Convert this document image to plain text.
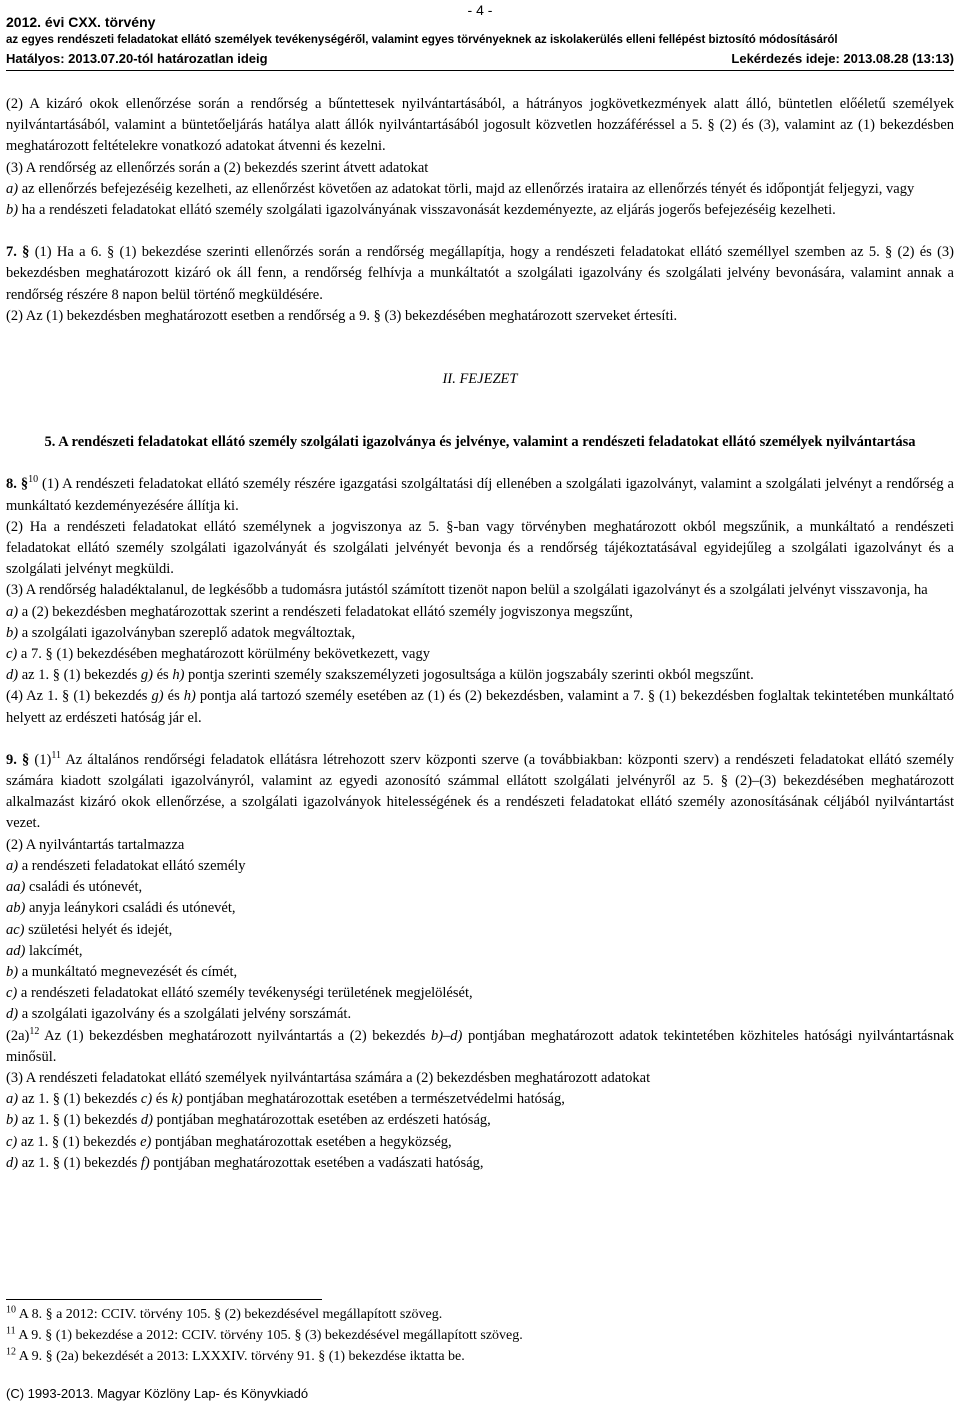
- 4 -
2012. évi CXX. törvény
az egyes rendészeti feladatokat ellátó személyek tevékenységéről, valamint egyes törvényeknek az iskolakerülés elleni fellépést biztosító módosításáról
Hatályos: 2013.07.20-tól határozatlan ideig	Lekérdezés ideje: 2013.08.28 (13:13)

(2) A kizáró okok ellenőrzése során a rendőrség a bűntettesek nyilvántartásából, a hátrányos jogkövetkezmények alatt álló, büntetlen előéletű személyek nyilvántartásából, valamint a büntetőeljárás hatálya alatt állók nyilvántartásából jogosult közvetlen hozzáféréssel a 5. § (2) és (3), valamint az (1) bekezdésben meghatározott feltételekre vonatkozó adatokat átvenni és kezelni.

(3) A rendőrség az ellenőrzés során a (2) bekezdés szerint átvett adatokat

a) az ellenőrzés befejezéséig kezelheti, az ellenőrzést követően az adatokat törli, majd az ellenőrzés irataira az ellenőrzés tényét és időpontját feljegyzi, vagy

b) ha a rendészeti feladatokat ellátó személy szolgálati igazolványának visszavonását kezdeményezte, az eljárás jogerős befejezéséig kezelheti.

7. § (1) Ha a 6. § (1) bekezdése szerinti ellenőrzés során a rendőrség megállapítja, hogy a rendészeti feladatokat ellátó személlyel szemben az 5. § (2) és (3) bekezdésben meghatározott kizáró ok áll fenn, a rendőrség felhívja a munkáltatót a szolgálati igazolvány és szolgálati jelvény bevonására, valamint annak a rendőrség részére 8 napon belül történő megküldésére.

(2) Az (1) bekezdésben meghatározott esetben a rendőrség a 9. § (3) bekezdésében meghatározott szerveket értesíti.

II. FEJEZET

5. A rendészeti feladatokat ellátó személy szolgálati igazolványa és jelvénye, valamint a rendészeti feladatokat ellátó személyek nyilvántartása

8. §$^{10}$ (1) A rendészeti feladatokat ellátó személy részére igazgatási szolgáltatási díj ellenében a szolgálati igazolványt, valamint a szolgálati jelvényt a rendőrség a munkáltató kezdeményezésére állítja ki.

(2) Ha a rendészeti feladatokat ellátó személynek a jogviszonya az 5. §-ban vagy törvényben meghatározott okból megszűnik, a munkáltató a rendészeti feladatokat ellátó személy szolgálati igazolványát és szolgálati jelvényét bevonja és a rendőrség tájékoztatásával egyidejűleg a szolgálati igazolványt és a szolgálati jelvényt megküldi.

(3) A rendőrség haladéktalanul, de legkésőbb a tudomásra jutástól számított tizenöt napon belül a szolgálati igazolványt és a szolgálati jelvényt visszavonja, ha

a) a (2) bekezdésben meghatározottak szerint a rendészeti feladatokat ellátó személy jogviszonya megszűnt,

b) a szolgálati igazolványban szereplő adatok megváltoztak,

c) a 7. § (1) bekezdésében meghatározott körülmény bekövetkezett, vagy

d) az 1. § (1) bekezdés g) és h) pontja szerinti személy szakszemélyzeti jogosultsága a külön jogszabály szerinti okból megszűnt.

(4) Az 1. § (1) bekezdés g) és h) pontja alá tartozó személy esetében az (1) és (2) bekezdésben, valamint a 7. § (1) bekezdésben foglaltak tekintetében munkáltató helyett az erdészeti hatóság jár el.

9. § $(1)^{11}$ Az általános rendőrségi feladatok ellátásra létrehozott szerv központi szerve (a továbbiakban: központi szerv) a rendészeti feladatokat ellátó személy számára kiadott szolgálati igazolványról, valamint az egyedi azonosító számmal ellátott szolgálati jelvényről az 5. § (2)–(3) bekezdésében meghatározott alkalmazást kizáró okok ellenőrzése, a szolgálati igazolványok hitelességének és a rendészeti feladatokat ellátó személy azonosításának céljából nyilvántartást vezet.

(2) A nyilvántartás tartalmazza

a) a rendészeti feladatokat ellátó személy

aa) családi és utónevét,

ab) anyja leánykori családi és utónevét,

ac) születési helyét és idejét,

ad) lakcímét,

b) a munkáltató megnevezését és címét,

c) a rendészeti feladatokat ellátó személy tevékenységi területének megjelölését,

d) a szolgálati igazolvány és a szolgálati jelvény sorszámát.

$(2a)^{12}$ Az (1) bekezdésben meghatározott nyilvántartás a (2) bekezdés b)–d) pontjában meghatározott adatok tekintetében közhiteles hatósági nyilvántartásnak minősül.

(3) A rendészeti feladatokat ellátó személyek nyilvántartása számára a (2) bekezdésben meghatározott adatokat

a) az 1. § (1) bekezdés c) és k) pontjában meghatározottak esetében a természetvédelmi hatóság,

b) az 1. § (1) bekezdés d) pontjában meghatározottak esetében az erdészeti hatóság,

c) az 1. § (1) bekezdés e) pontjában meghatározottak esetében a hegyközség,

d) az 1. § (1) bekezdés f) pontjában meghatározottak esetében a vadászati hatóság,

$^{10}$ A 8. § a 2012: CCIV. törvény 105. § (2) bekezdésével megállapított szöveg.

$^{11}$ A 9. § (1) bekezdése a 2012: CCIV. törvény 105. § (3) bekezdésével megállapított szöveg.

$^{12}$ A 9. § (2a) bekezdését a 2013: LXXXIV. törvény 91. § (1) bekezdése iktatta be.

(C) 1993-2013. Magyar Közlöny Lap- és Könyvkiadó
